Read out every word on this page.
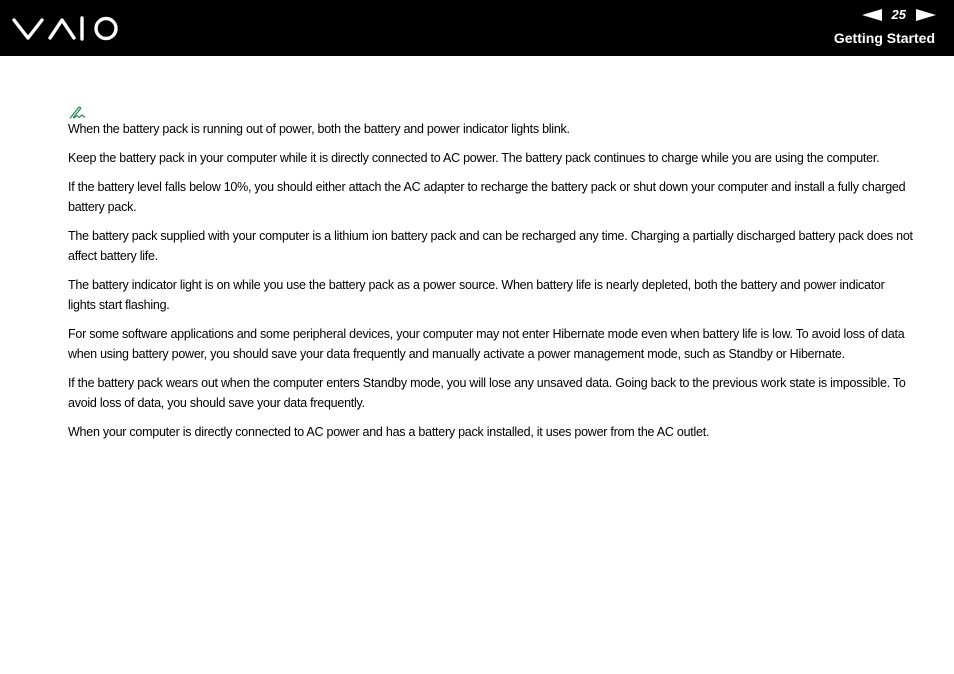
25
Getting Started

When the battery pack is running out of power, both the battery and power indicator lights blink.

Keep the battery pack in your computer while it is directly connected to AC power. The battery pack continues to charge while you are using the computer.

If the battery level falls below 10%, you should either attach the AC adapter to recharge the battery pack or shut down your computer and install a fully charged battery pack.

The battery pack supplied with your computer is a lithium ion battery pack and can be recharged any time. Charging a partially discharged battery pack does not affect battery life.

The battery indicator light is on while you use the battery pack as a power source. When battery life is nearly depleted, both the battery and power indicator lights start flashing.

For some software applications and some peripheral devices, your computer may not enter Hibernate mode even when battery life is low. To avoid loss of data when using battery power, you should save your data frequently and manually activate a power management mode, such as Standby or Hibernate.

If the battery pack wears out when the computer enters Standby mode, you will lose any unsaved data. Going back to the previous work state is impossible. To avoid loss of data, you should save your data frequently.

When your computer is directly connected to AC power and has a battery pack installed, it uses power from the AC outlet.
